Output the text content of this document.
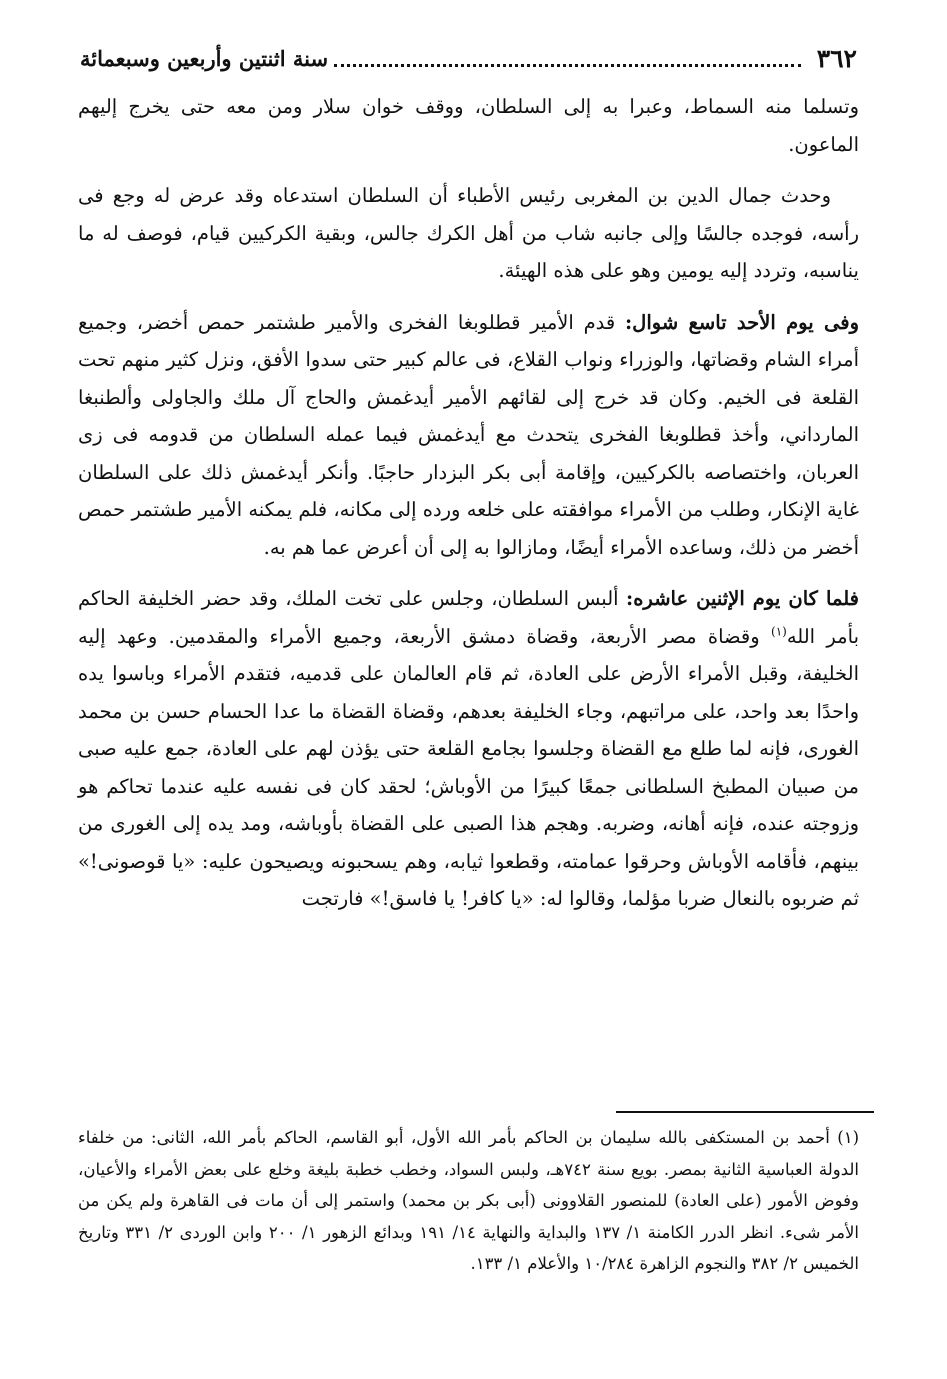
٣٦٢
سنة اثنتين وأربعين وسبعمائة

وتسلما منه السماط، وعبرا به إلى السلطان، ووقف خوان سلار ومن معه حتى يخرج إليهم الماعون.

وحدث جمال الدين بن المغربى رئيس الأطباء أن السلطان استدعاه وقد عرض له وجع فى رأسه، فوجده جالسًا وإلى جانبه شاب من أهل الكرك جالس، وبقية الكركيين قيام، فوصف له ما يناسبه، وتردد إليه يومين وهو على هذه الهيئة.

وفى يوم الأحد تاسع شوال: قدم الأمير قطلوبغا الفخرى والأمير طشتمر حمص أخضر، وجميع أمراء الشام وقضاتها، والوزراء ونواب القلاع، فى عالم كبير حتى سدوا الأفق، ونزل كثير منهم تحت القلعة فى الخيم. وكان قد خرج إلى لقائهم الأمير أيدغمش والحاج آل ملك والجاولى وألطنبغا المارداني، وأخذ قطلوبغا الفخرى يتحدث مع أيدغمش فيما عمله السلطان من قدومه فى زى العربان، واختصاصه بالكركيين، وإقامة أبى بكر البزدار حاجبًا. وأنكر أيدغمش ذلك على السلطان غاية الإنكار، وطلب من الأمراء موافقته على خلعه ورده إلى مكانه، فلم يمكنه الأمير طشتمر حمص أخضر من ذلك، وساعده الأمراء أيضًا، ومازالوا به إلى أن أعرض عما هم به.

فلما كان يوم الإثنين عاشره: ألبس السلطان، وجلس على تخت الملك، وقد حضر الخليفة الحاكم بأمر الله$^{(١)}$ وقضاة مصر الأربعة، وقضاة دمشق الأربعة، وجميع الأمراء والمقدمين. وعهد إليه الخليفة، وقبل الأمراء الأرض على العادة، ثم قام العالمان على قدميه، فتقدم الأمراء وباسوا يده واحدًا بعد واحد، على مراتبهم، وجاء الخليفة بعدهم، وقضاة القضاة ما عدا الحسام حسن بن محمد الغورى، فإنه لما طلع مع القضاة وجلسوا بجامع القلعة حتى يؤذن لهم على العادة، جمع عليه صبى من صبيان المطبخ السلطانى جمعًا كبيرًا من الأوباش؛ لحقد كان فى نفسه عليه عندما تحاكم هو وزوجته عنده، فإنه أهانه، وضربه. وهجم هذا الصبى على القضاة بأوباشه، ومد يده إلى الغورى من بينهم، فأقامه الأوباش وحرقوا عمامته، وقطعوا ثيابه، وهم يسحبونه ويصيحون عليه: «يا قوصونى!» ثم ضربوه بالنعال ضربا مؤلما، وقالوا له: «يا كافر! يا فاسق!» فارتجت

(١) أحمد بن المستكفى بالله سليمان بن الحاكم بأمر الله الأول، أبو القاسم، الحاكم بأمر الله، الثانى: من خلفاء الدولة العباسية الثانية بمصر. بويع سنة ٧٤٢هـ، ولبس السواد، وخطب خطبة بليغة وخلع على بعض الأمراء والأعيان، وفوض الأمور (على العادة) للمنصور القلاوونى (أبى بكر بن محمد) واستمر إلى أن مات فى القاهرة ولم يكن من الأمر شىء. انظر الدرر الكامنة ١/ ١٣٧ والبداية والنهاية ١٤/ ١٩١ وبدائع الزهور ١/ ٢٠٠ وابن الوردى ٢/ ٣٣١ وتاريخ الخميس ٢/ ٣٨٢ والنجوم الزاهرة ١٠/٢٨٤ والأعلام ١/ ١٣٣.
